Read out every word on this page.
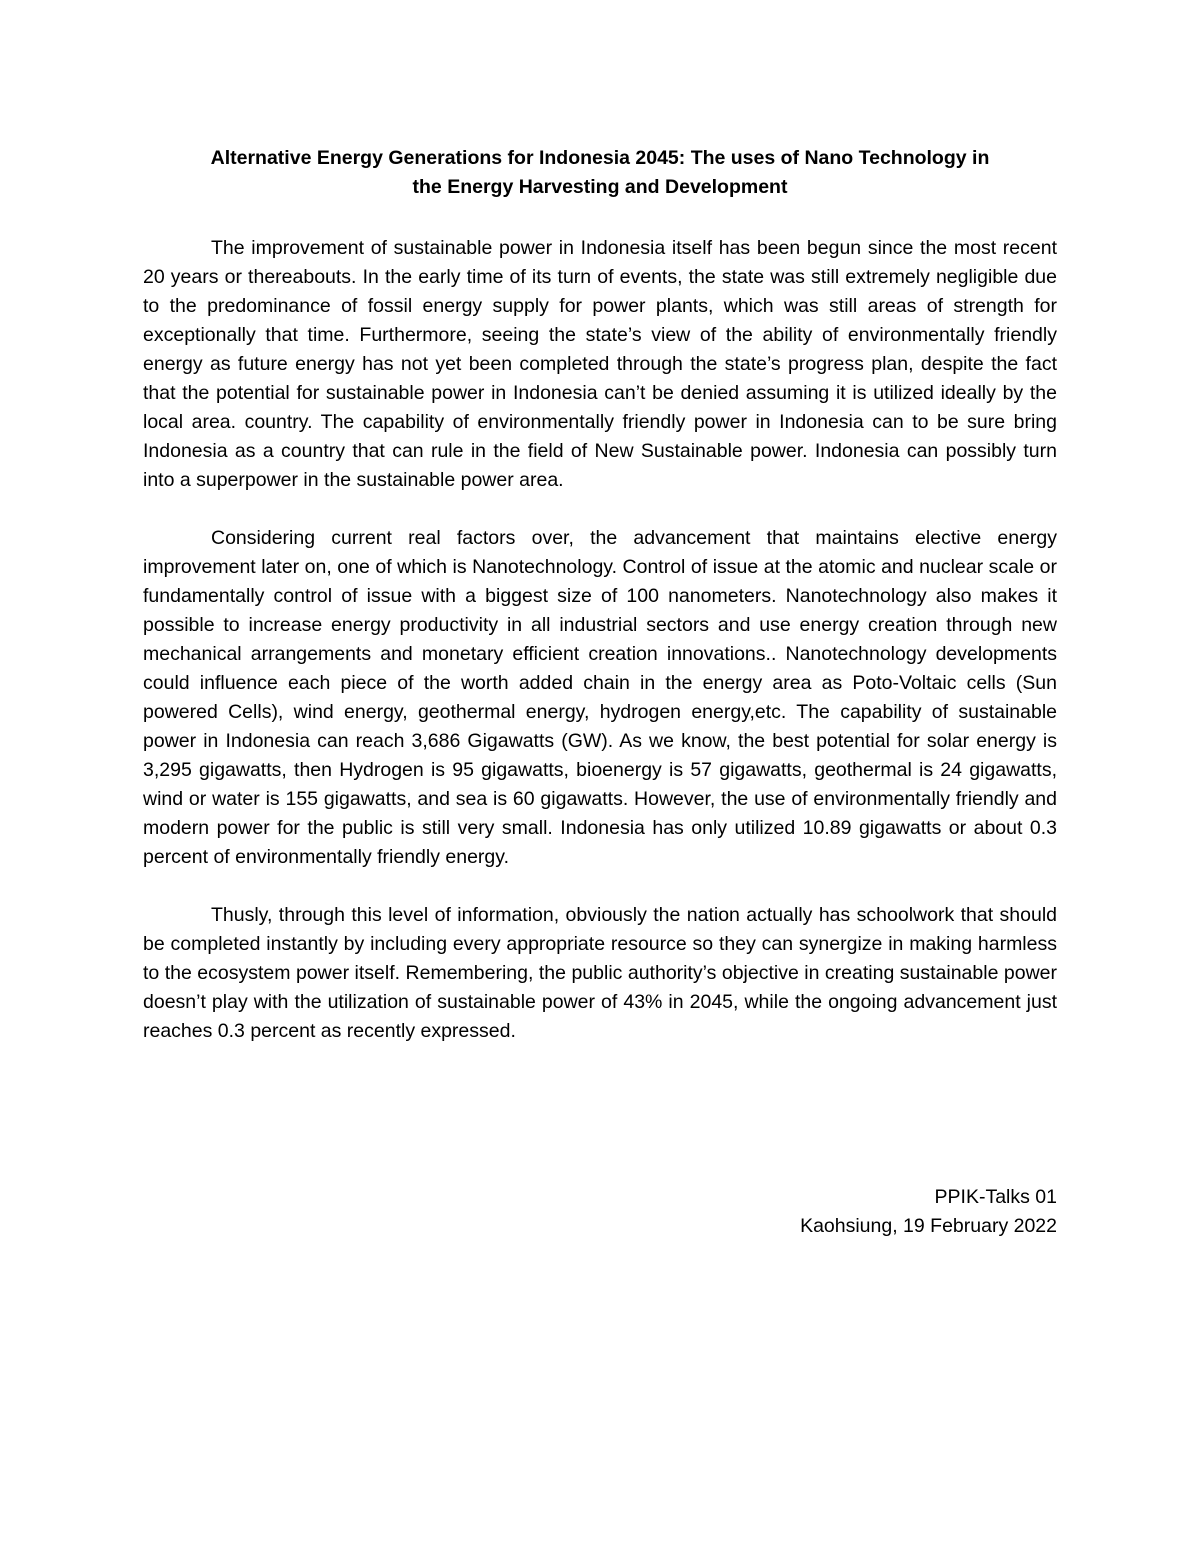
Alternative Energy Generations for Indonesia 2045: The uses of Nano Technology in
the Energy Harvesting and Development

The improvement of sustainable power in Indonesia itself has been begun since the most recent 20 years or thereabouts. In the early time of its turn of events, the state was still extremely negligible due to the predominance of fossil energy supply for power plants, which was still areas of strength for exceptionally that time. Furthermore, seeing the state’s view of the ability of environmentally friendly energy as future energy has not yet been completed through the state’s progress plan, despite the fact that the potential for sustainable power in Indonesia can’t be denied assuming it is utilized ideally by the local area. country. The capability of environmentally friendly power in Indonesia can to be sure bring Indonesia as a country that can rule in the field of New Sustainable power. Indonesia can possibly turn into a superpower in the sustainable power area.

Considering current real factors over, the advancement that maintains elective energy improvement later on, one of which is Nanotechnology. Control of issue at the atomic and nuclear scale or fundamentally control of issue with a biggest size of 100 nanometers. Nanotechnology also makes it possible to increase energy productivity in all industrial sectors and use energy creation through new mechanical arrangements and monetary efficient creation innovations.. Nanotechnology developments could influence each piece of the worth added chain in the energy area as Poto-Voltaic cells (Sun powered Cells), wind energy, geothermal energy, hydrogen energy,etc. The capability of sustainable power in Indonesia can reach 3,686 Gigawatts (GW). As we know, the best potential for solar energy is 3,295 gigawatts, then Hydrogen is 95 gigawatts, bioenergy is 57 gigawatts, geothermal is 24 gigawatts, wind or water is 155 gigawatts, and sea is 60 gigawatts. However, the use of environmentally friendly and modern power for the public is still very small. Indonesia has only utilized 10.89 gigawatts or about 0.3 percent of environmentally friendly energy.

Thusly, through this level of information, obviously the nation actually has schoolwork that should be completed instantly by including every appropriate resource so they can synergize in making harmless to the ecosystem power itself. Remembering, the public authority’s objective in creating sustainable power doesn’t play with the utilization of sustainable power of 43% in 2045, while the ongoing advancement just reaches 0.3 percent as recently expressed.

PPIK-Talks 01
Kaohsiung, 19 February 2022
